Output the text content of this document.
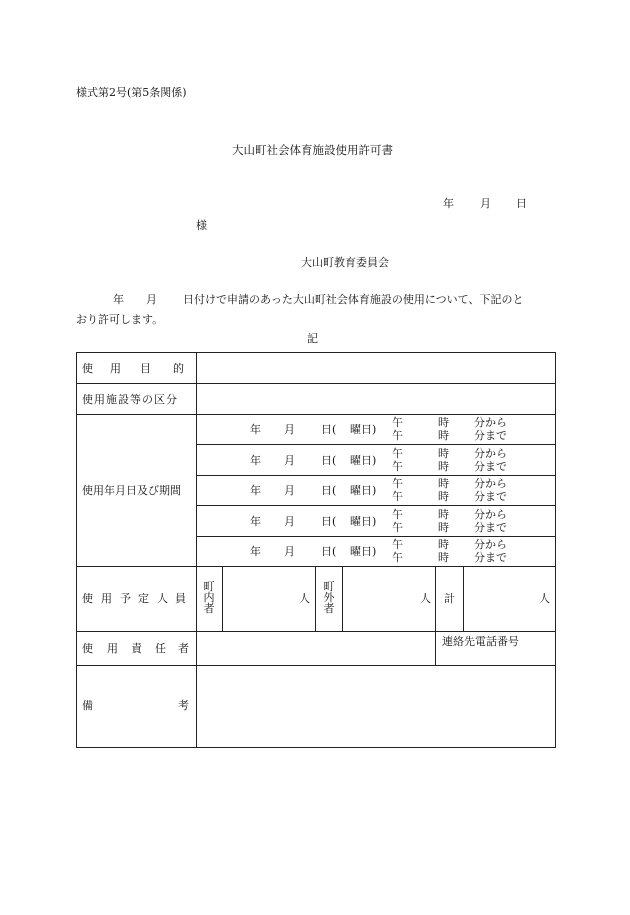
様式第2号(第5条関係)
大山町社会体育施設使用許可書
年 月 日
様
大山町教育委員会
年 月 日付けで申請のあった大山町社会体育施設の使用について、下記のと
おり許可します。
記
使 用 目 的
使用施設等の区分
使用年月日及び期間
年 月 日( 曜日)
午
午
時
時
分から
分まで
年 月 日( 曜日)
午
午
時
時
分から
分まで
年 月 日( 曜日)
午
午
時
時
分から
分まで
年 月 日( 曜日)
午
午
時
時
分から
分まで
年 月 日( 曜日)
午
午
時
時
分から
分まで
使 用 予 定 人 員
町内者
人
町外者
人 計	人
使 用 責 任 者
連絡先電話番号
備	考
